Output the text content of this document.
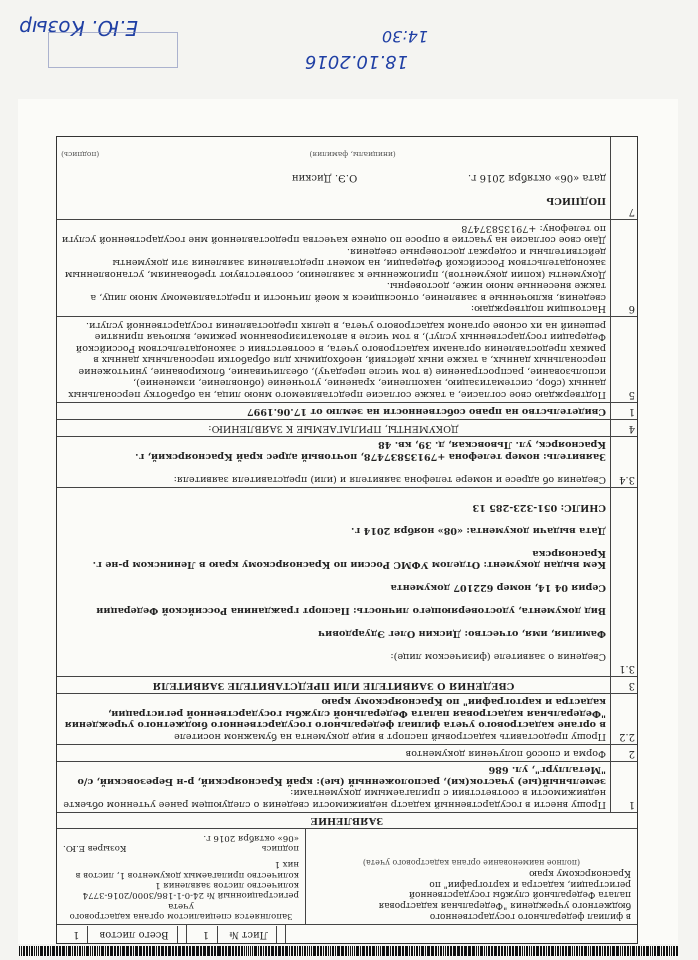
Лист № 1
Всего листов 1
в филиал федерального государственного
бюджетного учреждения "Федеральная кадастровая
палата Федеральной службы государственной
регистрации, кадастра и картографии" по
Красноярскому краю
(полное наименование органа кадастрового учета)
Заполняется специалистом органа кадастрового учета
регистрационный № 24-0-1-186/3000/2016-3774
количество листов заявления 1
количество прилагаемых документов 1, листов в них 1
подпись
Козырев Е.Ю.
«06» октября 2016 г.
ЗАЯВЛЕНИЕ
1
Прошу внести в государственный кадастр недвижимости сведения о следующем ранее учтенном объекте недвижимости в соответствии с прилагаемыми документами:

земельный(ые) участок(ки), расположенный (ые): край Красноярский, р-н Березовский, с/о "Металлург", ул. 686
2
Форма и способ получения документов
2.2
Прошу предоставить кадастровый паспорт в виде документа на бумажном носителе

в органе кадастрового учета филиал федерального государственного бюджетного учреждения "Федеральная кадастровая палата Федеральной службы государственной регистрации, кадастра и картографии" по Красноярскому краю
3
СВЕДЕНИЯ О ЗАЯВИТЕЛЕ ИЛИ ПРЕДСТАВИТЕЛЕ ЗАЯВИТЕЛЯ
3.1

Сведения о заявителе (физическом лице):

Фамилия, имя, отчество: Дискин Олег Эдуардович

Вид документа, удостоверяющего личность: Паспорт гражданина Российской Федерации

Серия 04 14, номер 622107 документа

Кем выдан документ: Отделом УФМС России по Красноярскому краю в Ленинском р-не г. Красноярска

Дата выдачи документа: «08» ноября 2014 г.

СНИЛС: 051-323-285 13

3.4
Сведения об адресе и номере телефона заявителя и (или) представителя заявителя:

Заявитель: номер телефона +79135837478, почтовый адрес край Красноярский, г. Красноярск, ул. Львовская, д. 39, кв. 48
4
ДОКУМЕНТЫ, ПРИЛАГАЕМЫЕ К ЗАЯВЛЕНИЮ:
1
Свидетельство на право собственности на землю от 17.06.1997
5
Подтверждаю свое согласие, а также согласие представляемого мною лица, на обработку персональных данных (сбор, систематизацию, накопление, хранение, уточнение (обновление, изменение), использование, распространение (в том числе передачу), обезличивание, блокирование, уничтожение персональных данных, а также иных действий, необходимых для обработки персональных данных в рамках предоставления органами кадастрового учета, в соответствии с законодательством Российской Федерации государственных услуг), в том числе в автоматизированном режиме, включая принятие решений на их основе органом кадастрового учета, в целях предоставления государственной услуги.
6
Настоящим подтверждаю:
сведения, включенные в заявление, относящиеся к моей личности и представляемому мною лицу, а также внесенные мною ниже, достоверны.
Документы (копии документов), приложенные к заявлению, соответствуют требованиям, установленным законодательством Российской Федерации, на момент представления заявления эти документы действительны и содержат достоверные сведения.
Даю свое согласие на участие в опросе по оценке качества предоставленной мне государственной услуги по телефону: +79135837478
7

ПОДПИСЬ

дата «06» октября 2016 г.
О.Э. Дискин

(инициалы, фамилия)
(подпись)

18.10.2016
14:30
Е.Ю. Козыр
